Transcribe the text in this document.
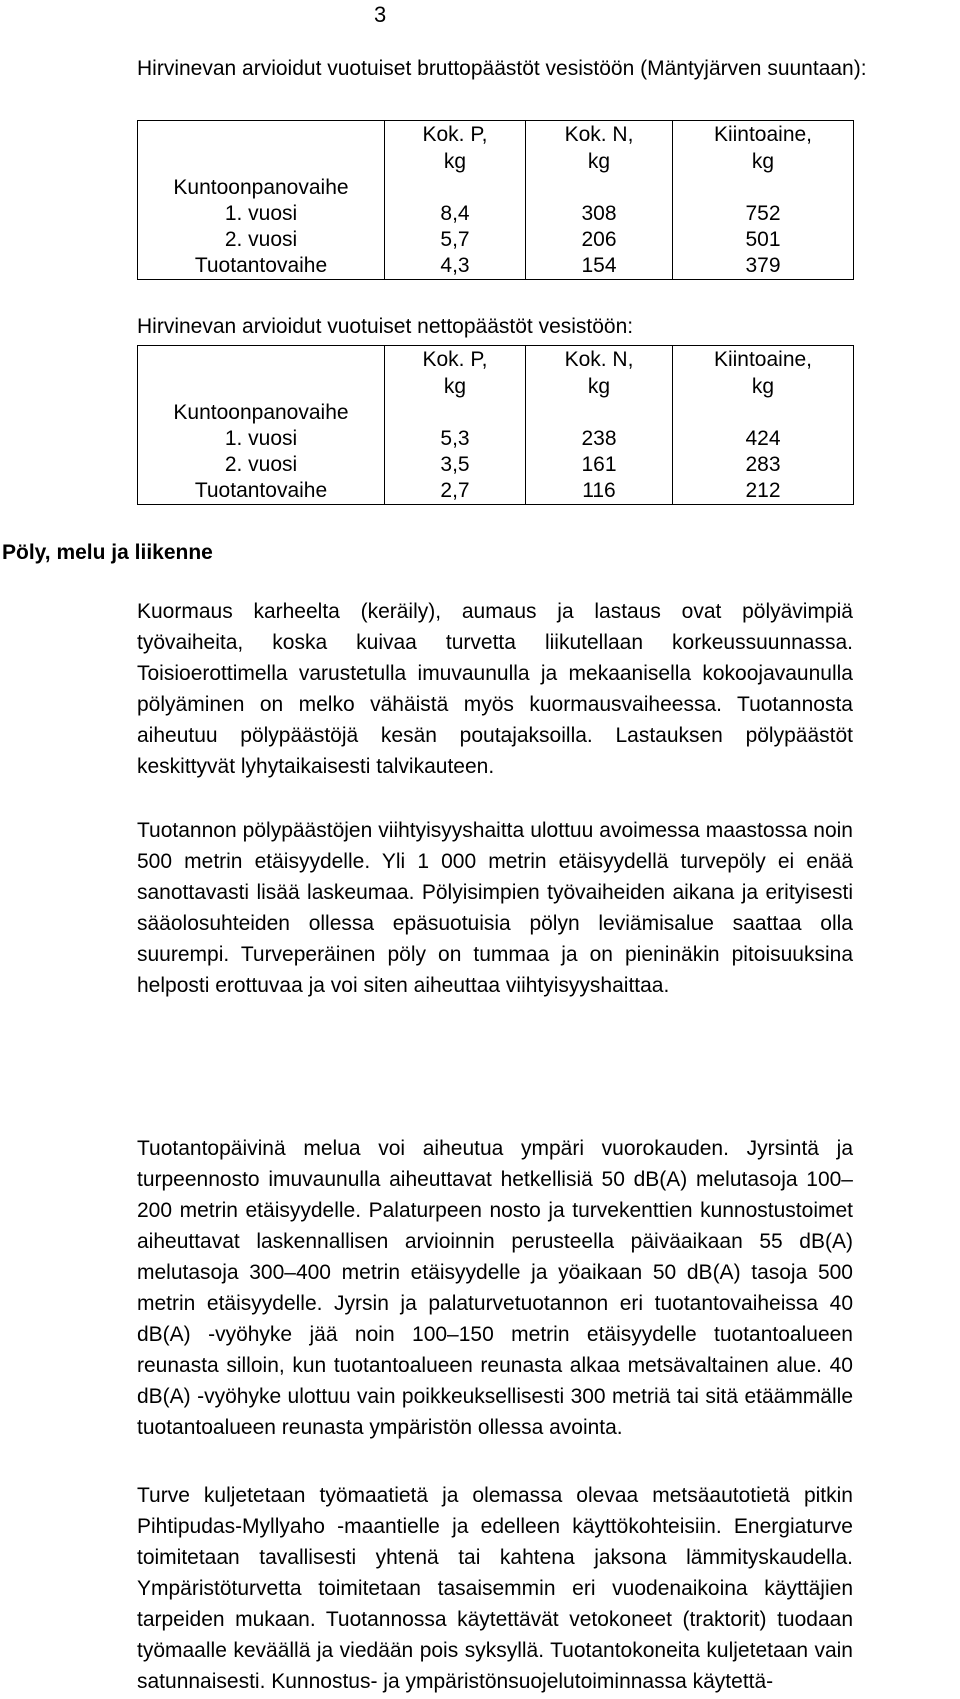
3
Hirvinevan arvioidut vuotuiset bruttopäästöt vesistöön (Mäntyjärven suuntaan):
	Kok. P,
kg	Kok. N,
kg	Kiintoaine,
kg
Kuntoonpanovaihe			
1. vuosi	8,4	308	752
2. vuosi	5,7	206	501
Tuotantovaihe	4,3	154	379
Hirvinevan arvioidut vuotuiset nettopäästöt vesistöön:
	Kok. P,
kg	Kok. N,
kg	Kiintoaine,
kg
Kuntoonpanovaihe			
1. vuosi	5,3	238	424
2. vuosi	3,5	161	283
Tuotantovaihe	2,7	116	212
Pöly, melu ja liikenne

Kuormaus karheelta (keräily), aumaus ja lastaus ovat pölyävimpiä työvaiheita, koska kuivaa turvetta liikutellaan korkeussuunnassa. Toisioerottimella varustetulla imuvaunulla ja mekaanisella kokoojavaunulla pölyäminen on melko vähäistä myös kuormausvaiheessa. Tuotannosta aiheutuu pölypäästöjä kesän poutajaksoilla. Lastauksen pölypäästöt keskittyvät lyhytaikaisesti talvikauteen.

Tuotannon pölypäästöjen viihtyisyyshaitta ulottuu avoimessa maastossa noin 500 metrin etäisyydelle. Yli 1 000 metrin etäisyydellä turvepöly ei enää sanottavasti lisää laskeumaa. Pölyisimpien työvaiheiden aikana ja erityisesti sääolosuhteiden ollessa epäsuotuisia pölyn leviämisalue saattaa olla suurempi. Turveperäinen pöly on tummaa ja on pieninäkin pitoisuuksina helposti erottuvaa ja voi siten aiheuttaa viihtyisyyshaittaa.

Tuotantopäivinä melua voi aiheutua ympäri vuorokauden. Jyrsintä ja turpeennosto imuvaunulla aiheuttavat hetkellisiä 50 dB(A) melutasoja 100–200 metrin etäisyydelle. Palaturpeen nosto ja turvekenttien kunnostustoimet aiheuttavat laskennallisen arvioinnin perusteella päiväaikaan 55 dB(A) melutasoja 300–400 metrin etäisyydelle ja yöaikaan 50 dB(A) tasoja 500 metrin etäisyydelle. Jyrsin ja palaturvetuotannon eri tuotantovaiheissa 40 dB(A) -vyöhyke jää noin 100–150 metrin etäisyydelle tuotantoalueen reunasta silloin, kun tuotantoalueen reunasta alkaa metsävaltainen alue. 40 dB(A) -vyöhyke ulottuu vain poikkeuksellisesti 300 metriä tai sitä etäämmälle tuotantoalueen reunasta ympäristön ollessa avointa.

Turve kuljetetaan työmaatietä ja olemassa olevaa metsäautotietä pitkin Pihtipudas-Myllyaho -maantielle ja edelleen käyttökohteisiin. Energiaturve toimitetaan tavallisesti yhtenä tai kahtena jaksona lämmityskaudella. Ympäristöturvetta toimitetaan tasaisemmin eri vuodenaikoina käyttäjien tarpeiden mukaan. Tuotannossa käytettävät vetokoneet (traktorit) tuodaan työmaalle keväällä ja viedään pois syksyllä. Tuotantokoneita kuljetetaan vain satunnaisesti. Kunnostus- ja ympäristönsuojelutoiminnassa käytettä-
